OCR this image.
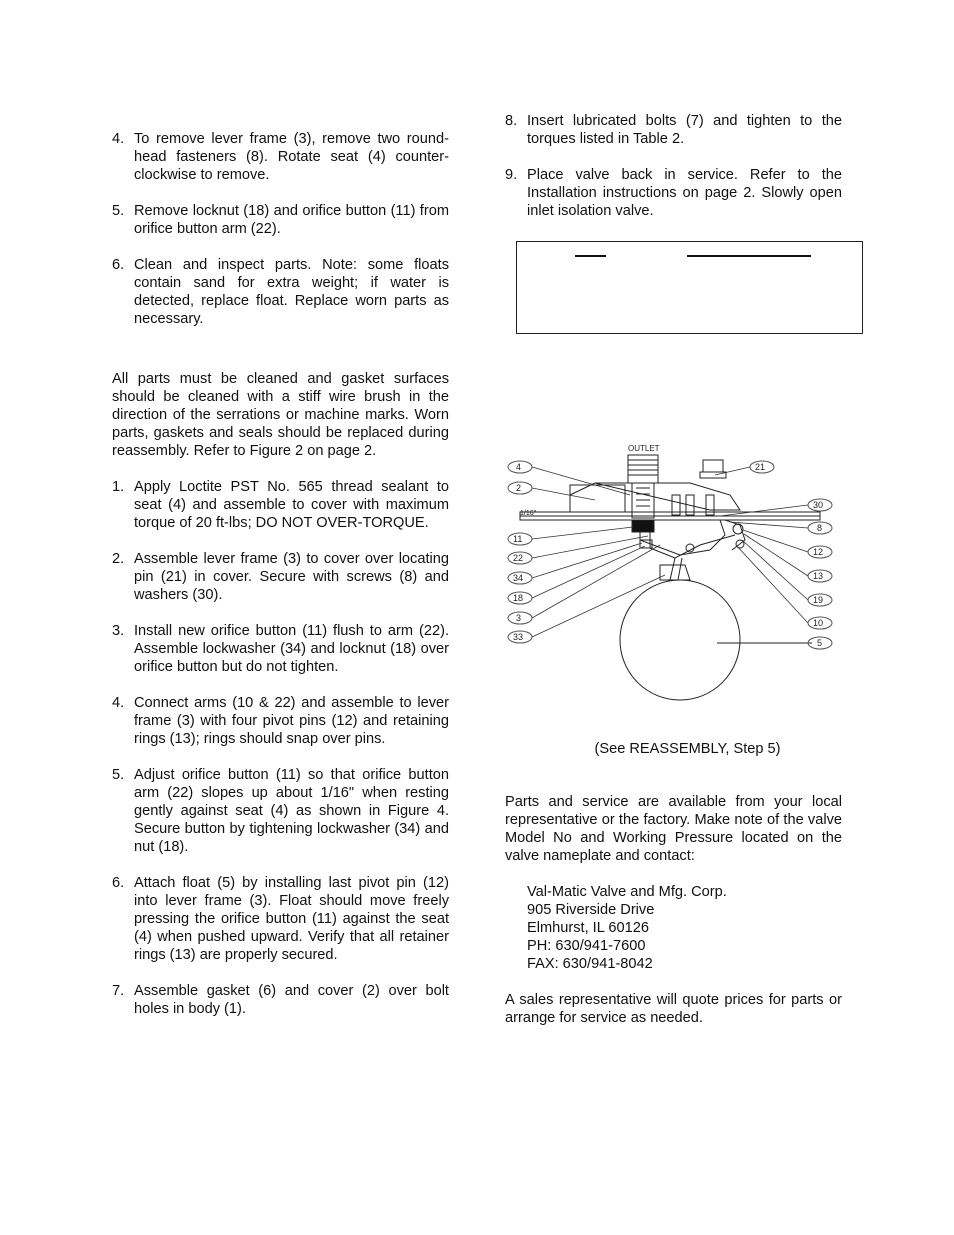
4. To remove lever frame (3), remove two round-head fasteners (8). Rotate seat (4) counter-clockwise to remove.
5. Remove locknut (18) and orifice button (11) from orifice button arm (22).
6. Clean and inspect parts. Note: some floats contain sand for extra weight; if water is detected, replace float. Replace worn parts as necessary.
All parts must be cleaned and gasket surfaces should be cleaned with a stiff wire brush in the direction of the serrations or machine marks. Worn parts, gaskets and seals should be replaced during reassembly. Refer to Figure 2 on page 2.
1. Apply Loctite PST No. 565 thread sealant to seat (4) and assemble to cover with maximum torque of 20 ft-lbs; DO NOT OVER-TORQUE.
2. Assemble lever frame (3) to cover over locating pin (21) in cover. Secure with screws (8) and washers (30).
3. Install new orifice button (11) flush to arm (22). Assemble lockwasher (34) and locknut (18) over orifice button but do not tighten.
4. Connect arms (10 & 22) and assemble to lever frame (3) with four pivot pins (12) and retaining rings (13); rings should snap over pins.
5. Adjust orifice button (11) so that orifice button arm (22) slopes up about 1/16" when resting gently against seat (4) as shown in Figure 4. Secure button by tightening lockwasher (34) and nut (18).
6. Attach float (5) by installing last pivot pin (12) into lever frame (3). Float should move freely pressing the orifice button (11) against the seat (4) when pushed upward. Verify that all retainer rings (13) are properly secured.
7. Assemble gasket (6) and cover (2) over bolt holes in body (1).
8. Insert lubricated bolts (7) and tighten to the torques listed in Table 2.
9. Place valve back in service. Refer to the Installation instructions on page 2. Slowly open inlet isolation valve.
OUTLET
1/16"
4
2
11
22
34
18
3
33
21
30
8
12
13
19
10
5
(See REASSEMBLY, Step 5)
Parts and service are available from your local representative or the factory. Make note of the valve Model No and Working Pressure located on the valve nameplate and contact:
Val-Matic Valve and Mfg. Corp.
905 Riverside Drive
Elmhurst, IL 60126
PH: 630/941-7600
FAX: 630/941-8042
A sales representative will quote prices for parts or arrange for service as needed.
